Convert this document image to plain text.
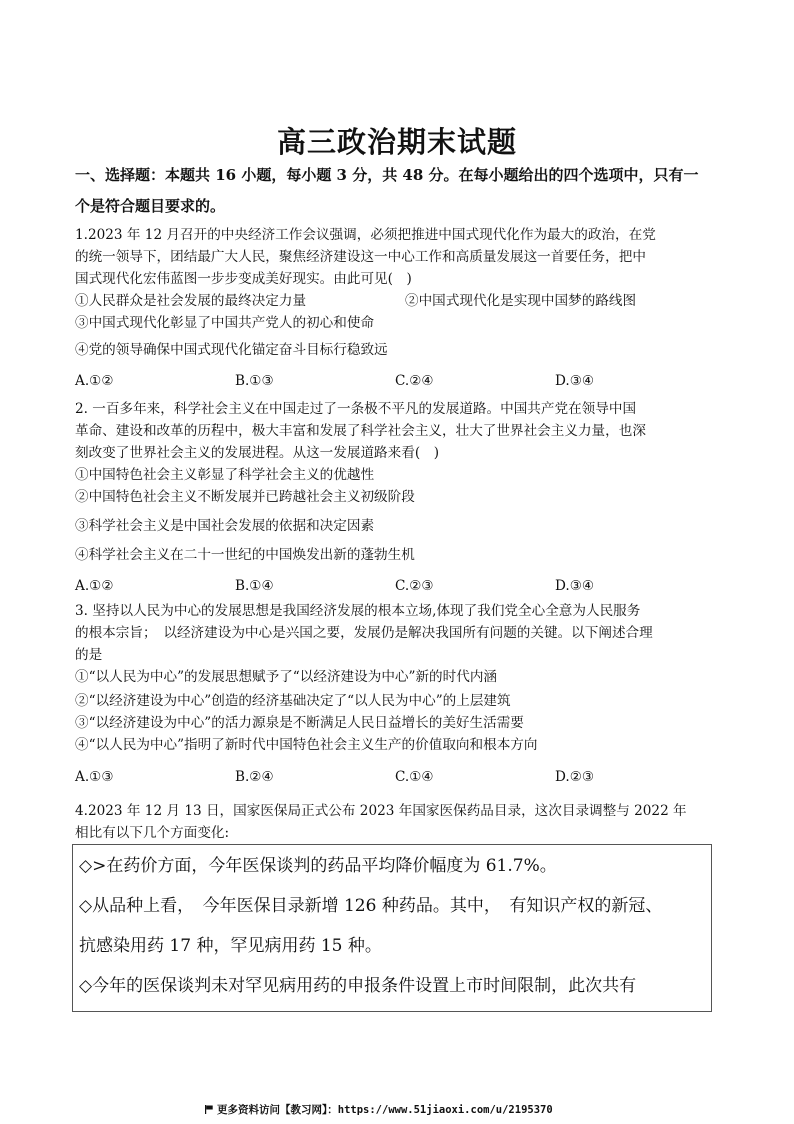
高三政治期末试题
一、选择题：本题共 16 小题，每小题 3 分，共 48 分。在每小题给出的四个选项中，只有一
个是符合题目要求的。

1.2023 年 12 月召开的中央经济工作会议强调，必须把推进中国式现代化作为最大的政治，在党

的统一领导下，团结最广大人民，聚焦经济建设这一中心工作和高质量发展这一首要任务，把中

国式现代化宏伟蓝图一步步变成美好现实。由此可见(　)

①人民群众是社会发展的最终决定力量	②中国式现代化是实现中国梦的路线图

③中国式现代化彰显了中国共产党人的初心和使命

④党的领导确保中国式现代化锚定奋斗目标行稳致远

A.①②	B.①③	C.②④	D.③④

2. 一百多年来，科学社会主义在中国走过了一条极不平凡的发展道路。中国共产党在领导中国

革命、建设和改革的历程中，极大丰富和发展了科学社会主义，壮大了世界社会主义力量，也深

刻改变了世界社会主义的发展进程。从这一发展道路来看(　)

①中国特色社会主义彰显了科学社会主义的优越性

②中国特色社会主义不断发展并已跨越社会主义初级阶段

③科学社会主义是中国社会发展的依据和决定因素

④科学社会主义在二十一世纪的中国焕发出新的蓬勃生机

A.①②	B.①④	C.②③	D.③④

3. 坚持以人民为中心的发展思想是我国经济发展的根本立场,体现了我们党全心全意为人民服务

的根本宗旨；　以经济建设为中心是兴国之要，发展仍是解决我国所有问题的关键。以下阐述合理

的是

①“以人民为中心”的发展思想赋予了“以经济建设为中心”新的时代内涵

②“以经济建设为中心”创造的经济基础决定了“以人民为中心”的上层建筑

③“以经济建设为中心”的活力源泉是不断满足人民日益增长的美好生活需要

④“以人民为中心”指明了新时代中国特色社会主义生产的价值取向和根本方向

A.①③	B.②④	C.①④	D.②③

4.2023 年 12 月 13 日，国家医保局正式公布 2023 年国家医保药品目录，这次目录调整与 2022 年

相比有以下几个方面变化:

◇>在药价方面，今年医保谈判的药品平均降价幅度为 61.7%。

◇从品种上看，　今年医保目录新增 126 种药品。其中，　有知识产权的新冠、

抗感染用药 17 种，罕见病用药 15 种。

◇今年的医保谈判未对罕见病用药的申报条件设置上市时间限制，此次共有

更多资料访问【教习网】：https://www.51jiaoxi.com/u/2195370
